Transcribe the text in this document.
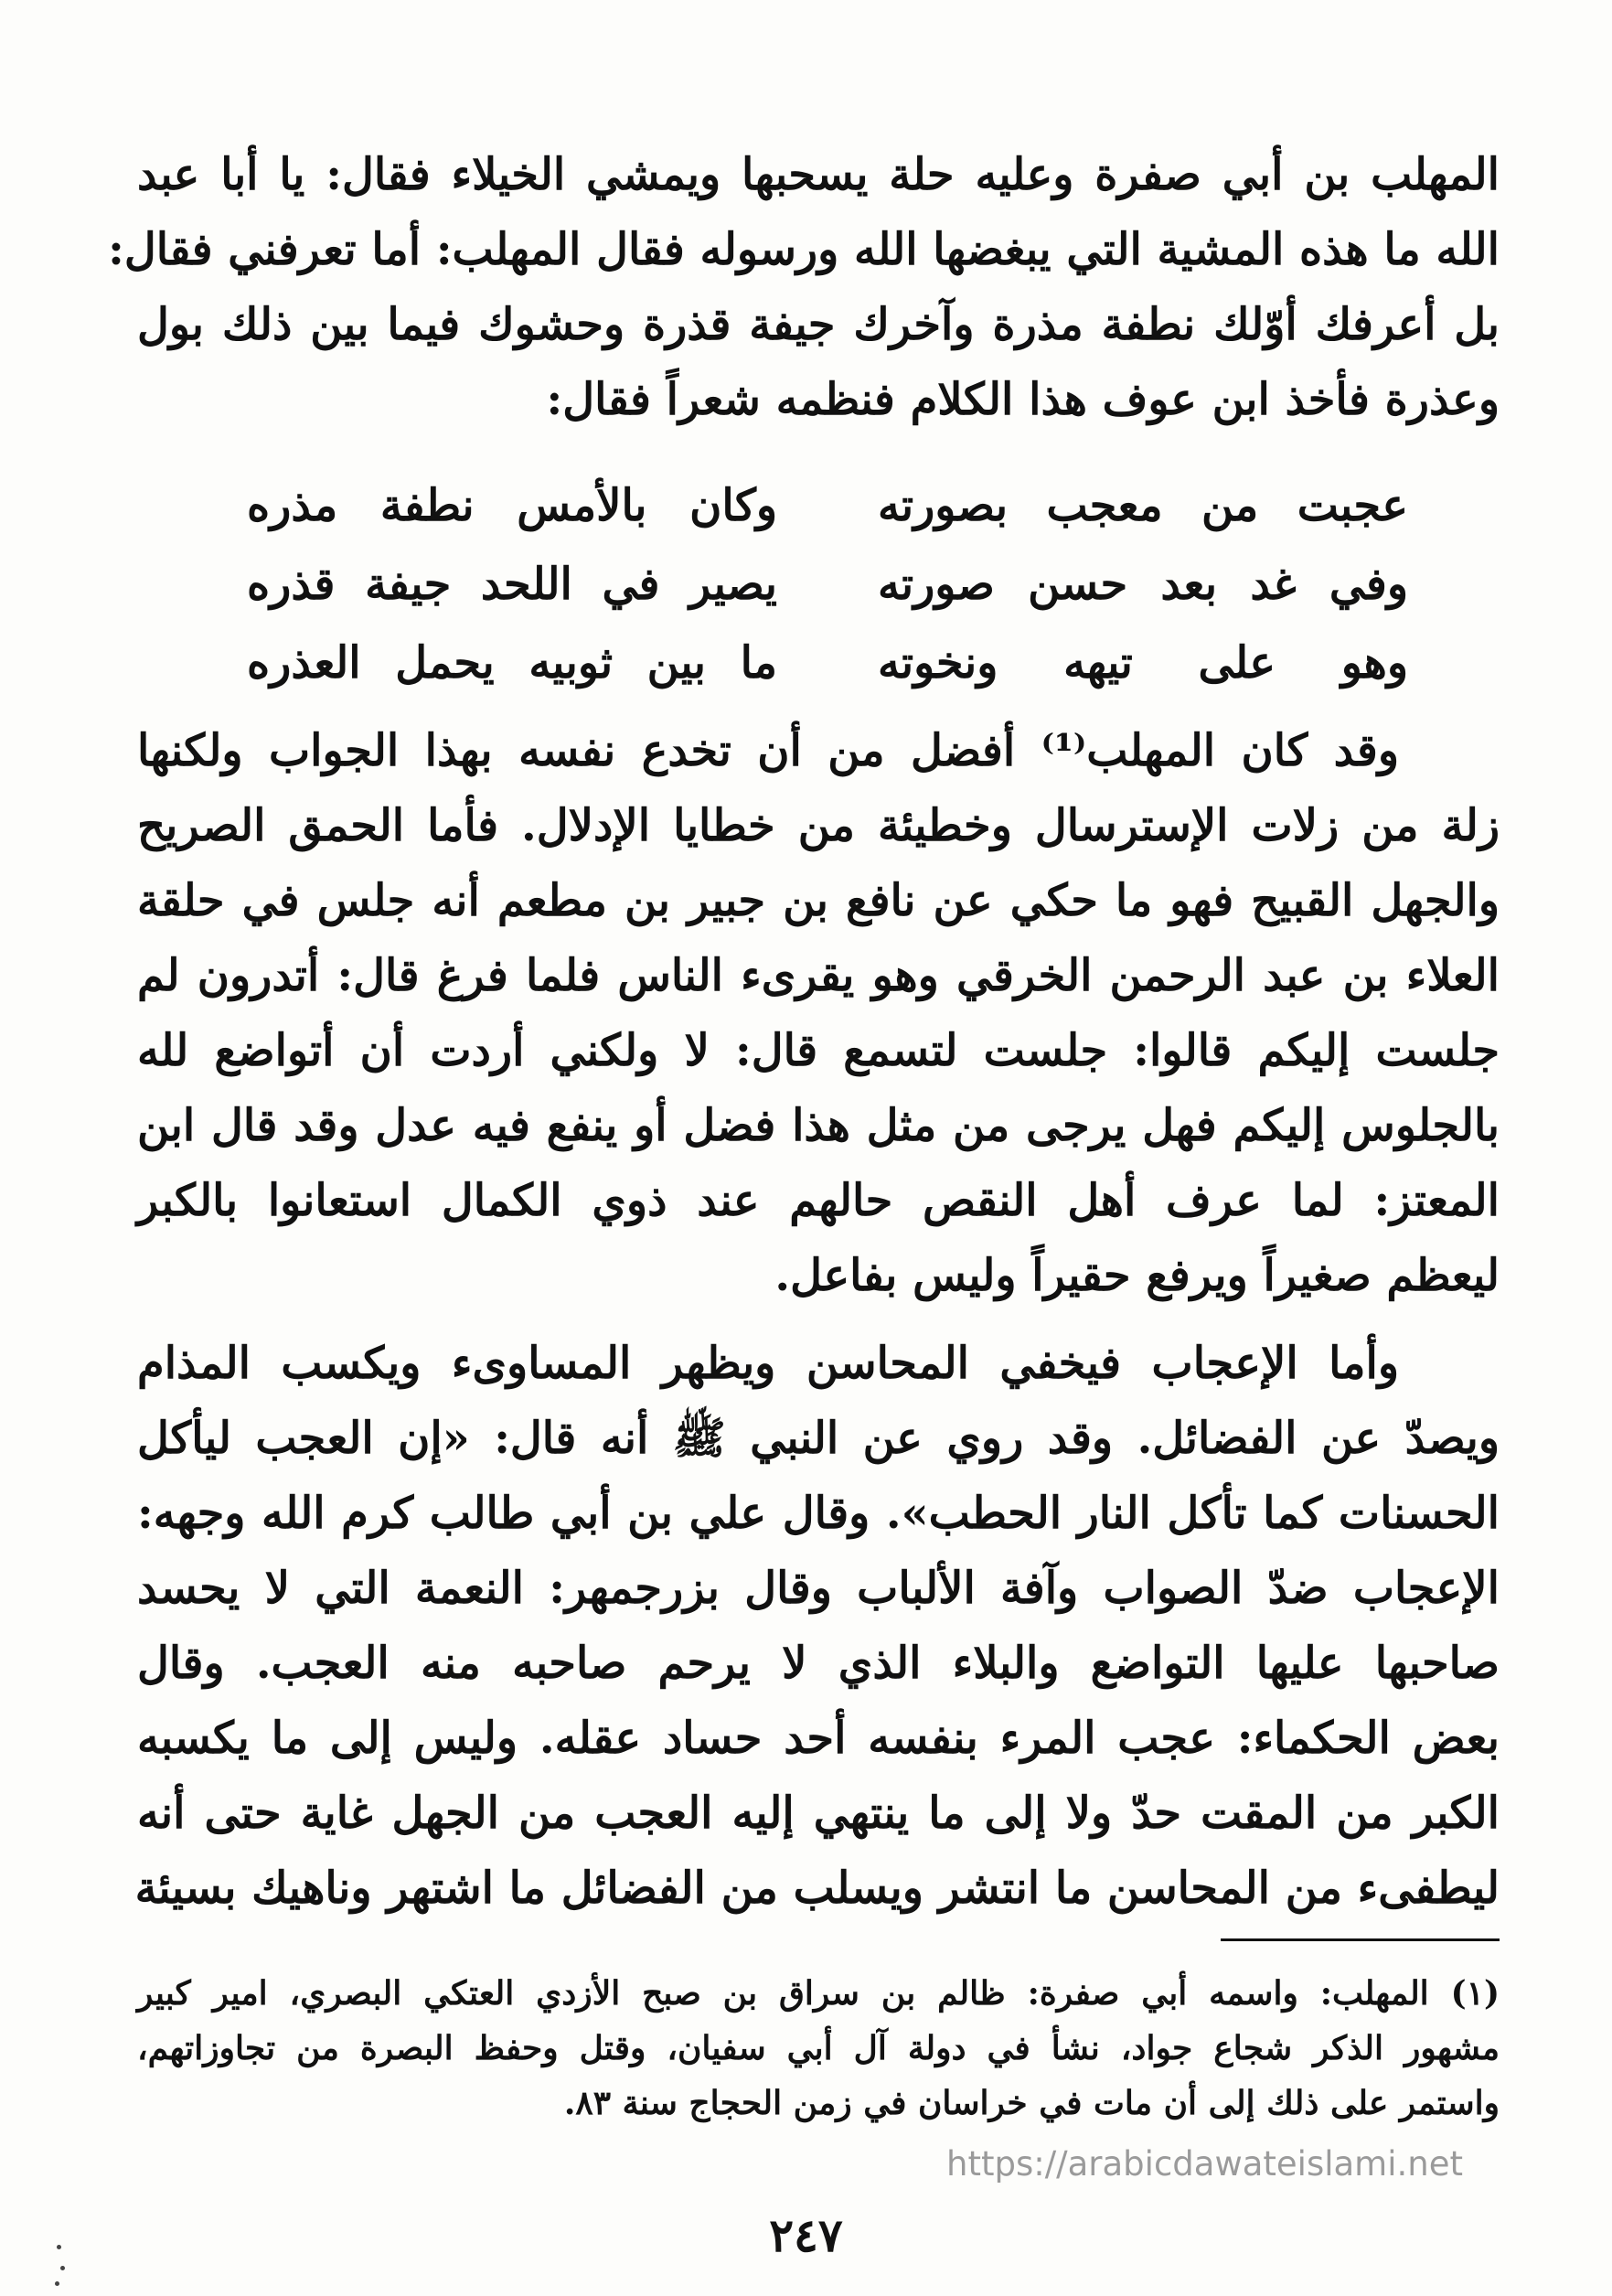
المهلب بن أبي صفرة وعليه حلة يسحبها ويمشي الخيلاء فقال: يا أبا عبد
الله ما هذه المشية التي يبغضها الله ورسوله فقال المهلب: أما تعرفني فقال:
بل أعرفك أوّلك نطفة مذرة وآخرك جيفة قذرة وحشوك فيما بين ذلك بول
وعذرة فأخذ ابن عوف هذا الكلام فنظمه شعراً فقال:
عجبت من معجب بصورته
وكان بالأمس نطفة مذره
وفي غد بعد حسن صورته
يصير في اللحد جيفة قذره
وهو على تيهه ونخوته
ما بين ثوبيه يحمل العذره
وقد كان المهلب⁽¹⁾ أفضل من أن تخدع نفسه بهذا الجواب ولكنها
زلة من زلات الإسترسال وخطيئة من خطايا الإدلال. فأما الحمق الصريح
والجهل القبيح فهو ما حكي عن نافع بن جبير بن مطعم أنه جلس في حلقة
العلاء بن عبد الرحمن الخرقي وهو يقرىء الناس فلما فرغ قال: أتدرون لم
جلست إليكم قالوا: جلست لتسمع قال: لا ولكني أردت أن أتواضع لله
بالجلوس إليكم فهل يرجى من مثل هذا فضل أو ينفع فيه عدل وقد قال ابن
المعتز: لما عرف أهل النقص حالهم عند ذوي الكمال استعانوا بالكبر
ليعظم صغيراً ويرفع حقيراً وليس بفاعل.
وأما الإعجاب فيخفي المحاسن ويظهر المساوىء ويكسب المذام
ويصدّ عن الفضائل. وقد روي عن النبي ﷺ أنه قال: «إن العجب ليأكل
الحسنات كما تأكل النار الحطب». وقال علي بن أبي طالب كرم الله وجهه:
الإعجاب ضدّ الصواب وآفة الألباب وقال بزرجمهر: النعمة التي لا يحسد
صاحبها عليها التواضع والبلاء الذي لا يرحم صاحبه منه العجب. وقال
بعض الحكماء: عجب المرء بنفسه أحد حساد عقله. وليس إلى ما يكسبه
الكبر من المقت حدّ ولا إلى ما ينتهي إليه العجب من الجهل غاية حتى أنه
ليطفىء من المحاسن ما انتشر ويسلب من الفضائل ما اشتهر وناهيك بسيئة
(١) المهلب: واسمه أبي صفرة: ظالم بن سراق بن صبح الأزدي العتكي البصري، امير كبير
مشهور الذكر شجاع جواد، نشأ في دولة آل أبي سفيان، وقتل وحفظ البصرة من تجاوزاتهم،
واستمر على ذلك إلى أن مات في خراسان في زمن الحجاج سنة ٨٣.
https://arabicdawateislami.net
٢٤٧
